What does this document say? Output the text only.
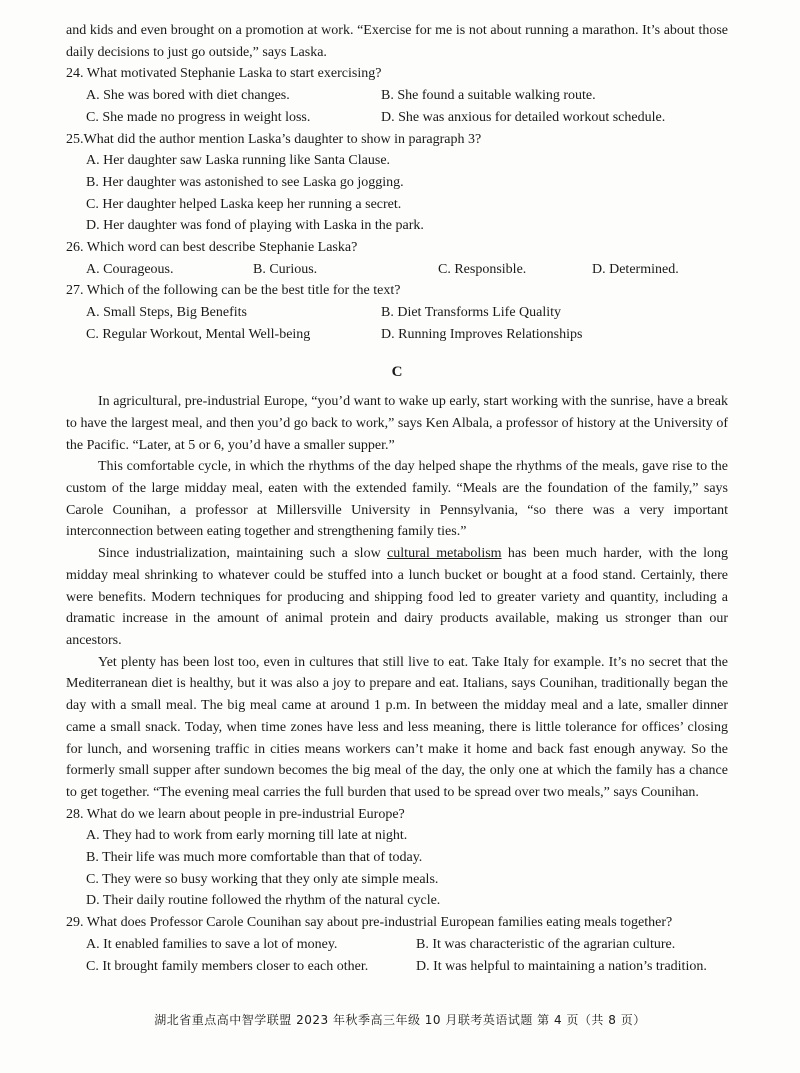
and kids and even brought on a promotion at work. “Exercise for me is not about running a marathon. It’s about those daily decisions to just go outside,” says Laska.

24. What motivated Stephanie Laska to start exercising?

A. She was bored with diet changes.	B. She found a suitable walking route.
C. She made no progress in weight loss.	D. She was anxious for detailed workout schedule.

25.What did the author mention Laska’s daughter to show in paragraph 3?

A. Her daughter saw Laska running like Santa Clause.

B. Her daughter was astonished to see Laska go jogging.

C. Her daughter helped Laska keep her running a secret.

D. Her daughter was fond of playing with Laska in the park.

26. Which word can best describe Stephanie Laska?

A. Courageous.	B. Curious.	C. Responsible.	D. Determined.

27. Which of the following can be the best title for the text?

A. Small Steps, Big Benefits	B. Diet Transforms Life Quality
C. Regular Workout, Mental Well-being	D. Running Improves Relationships
C

In agricultural, pre-industrial Europe, “you’d want to wake up early, start working with the sunrise, have a break to have the largest meal, and then you’d go back to work,” says Ken Albala, a professor of history at the University of the Pacific. “Later, at 5 or 6, you’d have a smaller supper.”

This comfortable cycle, in which the rhythms of the day helped shape the rhythms of the meals, gave rise to the custom of the large midday meal, eaten with the extended family. “Meals are the foundation of the family,” says Carole Counihan, a professor at Millersville University in Pennsylvania, “so there was a very important interconnection between eating together and strengthening family ties.”

Since industrialization, maintaining such a slow cultural metabolism has been much harder, with the long midday meal shrinking to whatever could be stuffed into a lunch bucket or bought at a food stand. Certainly, there were benefits. Modern techniques for producing and shipping food led to greater variety and quantity, including a dramatic increase in the amount of animal protein and dairy products available, making us stronger than our ancestors.

Yet plenty has been lost too, even in cultures that still live to eat. Take Italy for example. It’s no secret that the Mediterranean diet is healthy, but it was also a joy to prepare and eat. Italians, says Counihan, traditionally began the day with a small meal. The big meal came at around 1 p.m. In between the midday meal and a late, smaller dinner came a small snack. Today, when time zones have less and less meaning, there is little tolerance for offices’ closing for lunch, and worsening traffic in cities means workers can’t make it home and back fast enough anyway. So the formerly small supper after sundown becomes the big meal of the day, the only one at which the family has a chance to get together. “The evening meal carries the full burden that used to be spread over two meals,” says Counihan.

28. What do we learn about people in pre-industrial Europe?

A. They had to work from early morning till late at night.

B. Their life was much more comfortable than that of today.

C. They were so busy working that they only ate simple meals.

D. Their daily routine followed the rhythm of the natural cycle.

29. What does Professor Carole Counihan say about pre-industrial European families eating meals together?

A. It enabled families to save a lot of money.	B. It was characteristic of the agrarian culture.
C. It brought family members closer to each other.	D. It was helpful to maintaining a nation’s tradition.
湖北省重点高中智学联盟 2023 年秋季高三年级 10 月联考英语试题 第 4 页（共 8 页）
